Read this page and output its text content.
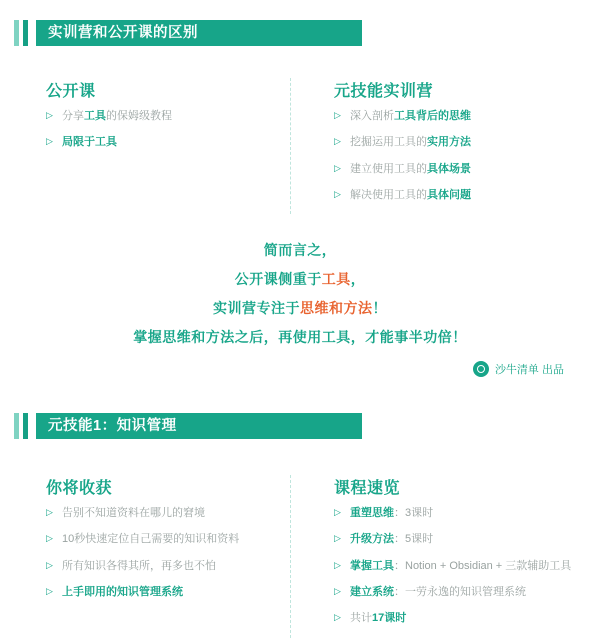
实训营和公开课的区别
公开课
▷ 分享工具的保姆级教程
▷ 局限于工具
元技能实训营
▷ 深入剖析工具背后的思维
▷ 挖掘运用工具的实用方法
▷ 建立使用工具的具体场景
▷ 解决使用工具的具体问题

简而言之，

公开课侧重于工具，

实训营专注于思维和方法！

掌握思维和方法之后，再使用工具，才能事半功倍！

沙牛清单 出品
元技能1：知识管理
你将收获
▷ 告别不知道资料在哪儿的窘境
▷ 10秒快速定位自己需要的知识和资料
▷ 所有知识各得其所，再多也不怕
▷ 上手即用的知识管理系统
课程速览
▷ 重塑思维：3课时
▷ 升级方法：5课时
▷ 掌握工具：Notion + Obsidian + 三款辅助工具
▷ 建立系统：一劳永逸的知识管理系统
▷ 共计17课时
